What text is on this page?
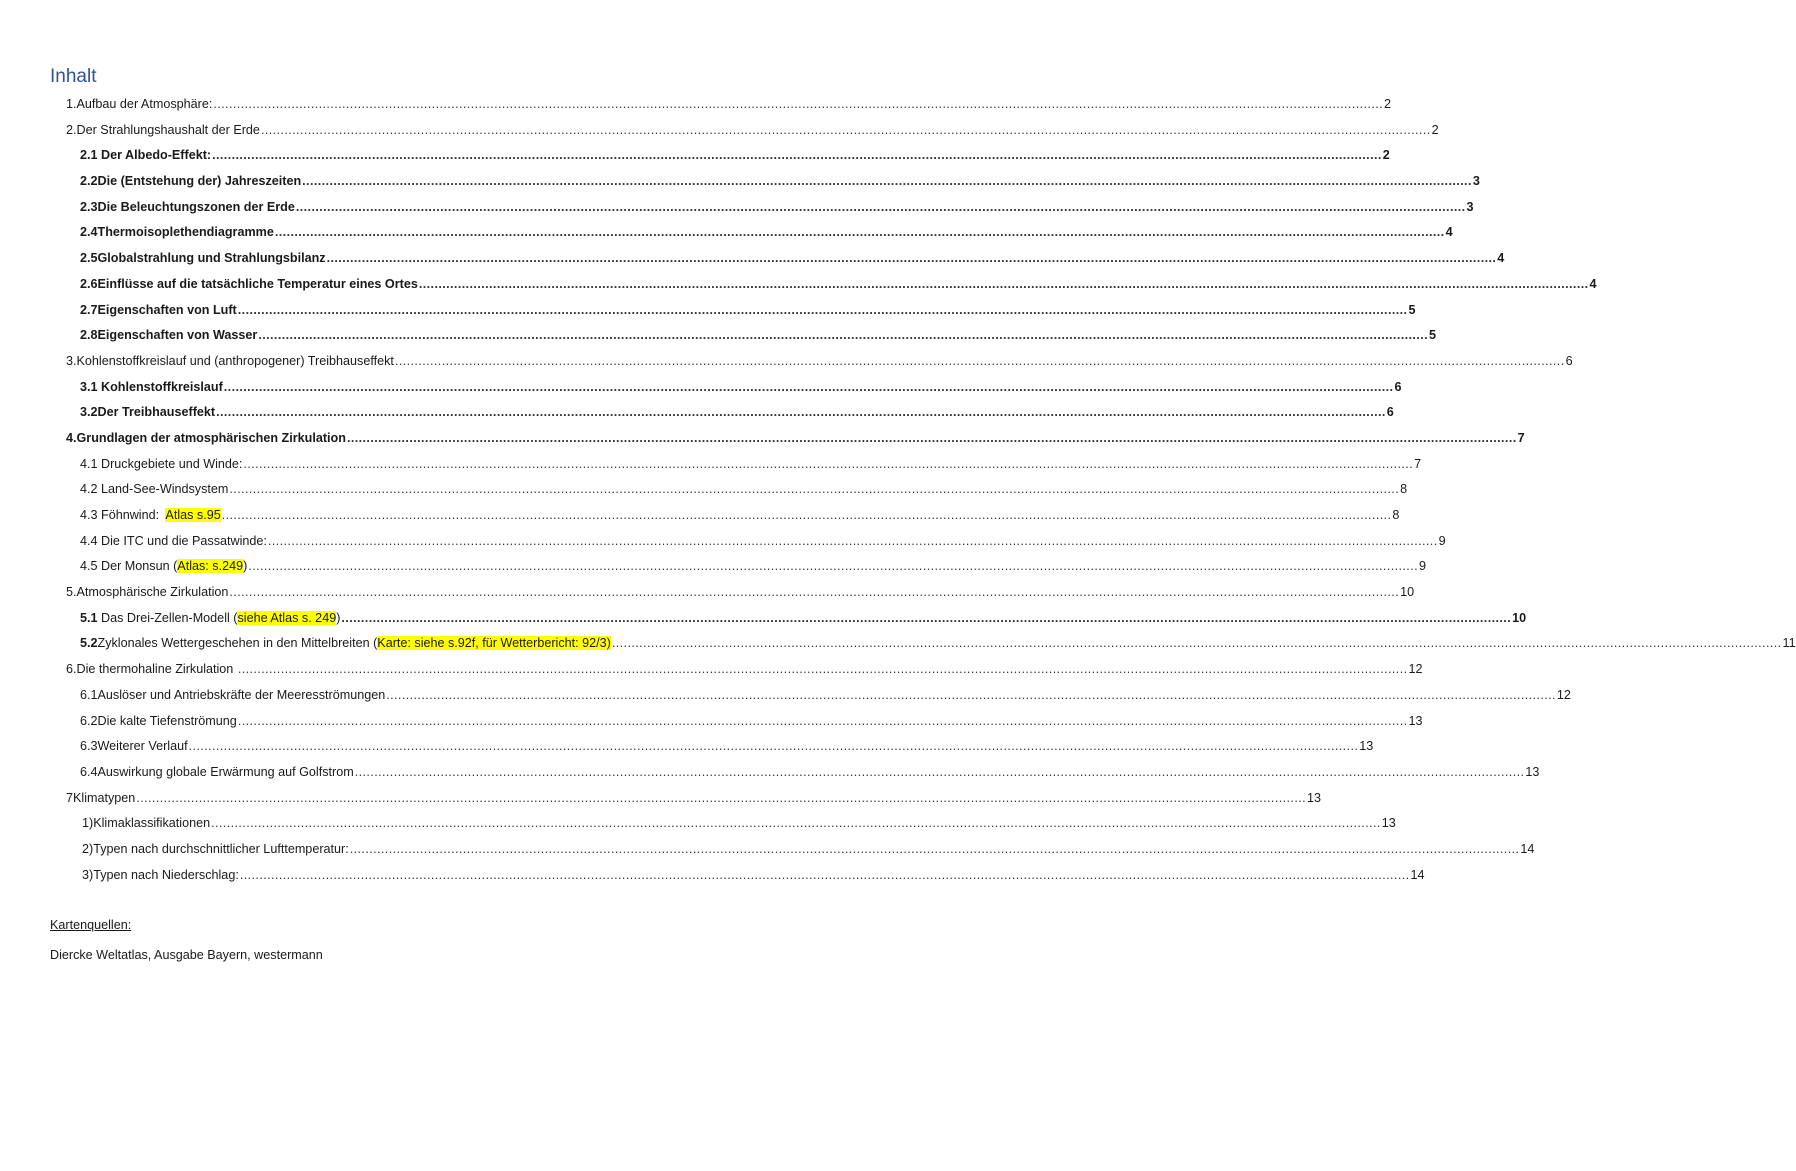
Inhalt
1. Aufbau der Atmosphäre: ............................................................................................................................................................................................................................................................................................................ 2
2. Der Strahlungshaushalt der Erde ............................................................................................................................................................................................................................................................................................................ 2
2.1 Der Albedo-Effekt: ............................................................................................................................................................................................................................................................................................................ 2
2.2 Die (Entstehung der) Jahreszeiten ............................................................................................................................................................................................................................................................................................................ 3
2.3 Die Beleuchtungszonen der Erde ............................................................................................................................................................................................................................................................................................................ 3
2.4 Thermoisoplethendiagramme ............................................................................................................................................................................................................................................................................................................ 4
2.5 Globalstrahlung und Strahlungsbilanz ............................................................................................................................................................................................................................................................................................................ 4
2.6 Einflüsse auf die tatsächliche Temperatur eines Ortes ............................................................................................................................................................................................................................................................................................................ 4
2.7 Eigenschaften von Luft ............................................................................................................................................................................................................................................................................................................ 5
2.8 Eigenschaften von Wasser ............................................................................................................................................................................................................................................................................................................ 5
3. Kohlenstoffkreislauf und (anthropogener) Treibhauseffekt ............................................................................................................................................................................................................................................................................................................ 6
3.1 Kohlenstoffkreislauf ............................................................................................................................................................................................................................................................................................................ 6
3.2 Der Treibhauseffekt ............................................................................................................................................................................................................................................................................................................ 6
4. Grundlagen der atmosphärischen Zirkulation ............................................................................................................................................................................................................................................................................................................ 7
4.1 Druckgebiete und Winde: ............................................................................................................................................................................................................................................................................................................ 7
4.2 Land-See-Windsystem ............................................................................................................................................................................................................................................................................................................ 8
4.3 Föhnwind:  Atlas s.95 ............................................................................................................................................................................................................................................................................................................ 8
4.4 Die ITC und die Passatwinde: ............................................................................................................................................................................................................................................................................................................ 9
4.5 Der Monsun (Atlas: s.249) ............................................................................................................................................................................................................................................................................................................ 9
5. Atmosphärische Zirkulation ............................................................................................................................................................................................................................................................................................................ 10
5.1 Das Drei-Zellen-Modell (siehe Atlas s. 249) ............................................................................................................................................................................................................................................................................................................ 10
5.2 Zyklonales Wettergeschehen in den Mittelbreiten (Karte: siehe s.92f, für Wetterbericht: 92/3) ............................................................................................................................................................................................................................................................................................................ 11
6. Die thermohaline Zirkulation ............................................................................................................................................................................................................................................................................................................ 12
6.1 Auslöser und Antriebskräfte der Meeresströmungen ............................................................................................................................................................................................................................................................................................................ 12
6.2 Die kalte Tiefenströmung ............................................................................................................................................................................................................................................................................................................ 13
6.3 Weiterer Verlauf ............................................................................................................................................................................................................................................................................................................ 13
6.4 Auswirkung globale Erwärmung auf Golfstrom ............................................................................................................................................................................................................................................................................................................ 13
7 Klimatypen ............................................................................................................................................................................................................................................................................................................ 13
1) Klimaklassifikationen ............................................................................................................................................................................................................................................................................................................ 13
2) Typen nach durchschnittlicher Lufttemperatur: ............................................................................................................................................................................................................................................................................................................ 14
3) Typen nach Niederschlag: ............................................................................................................................................................................................................................................................................................................ 14
Kartenquellen:
Diercke Weltatlas, Ausgabe Bayern, westermann
